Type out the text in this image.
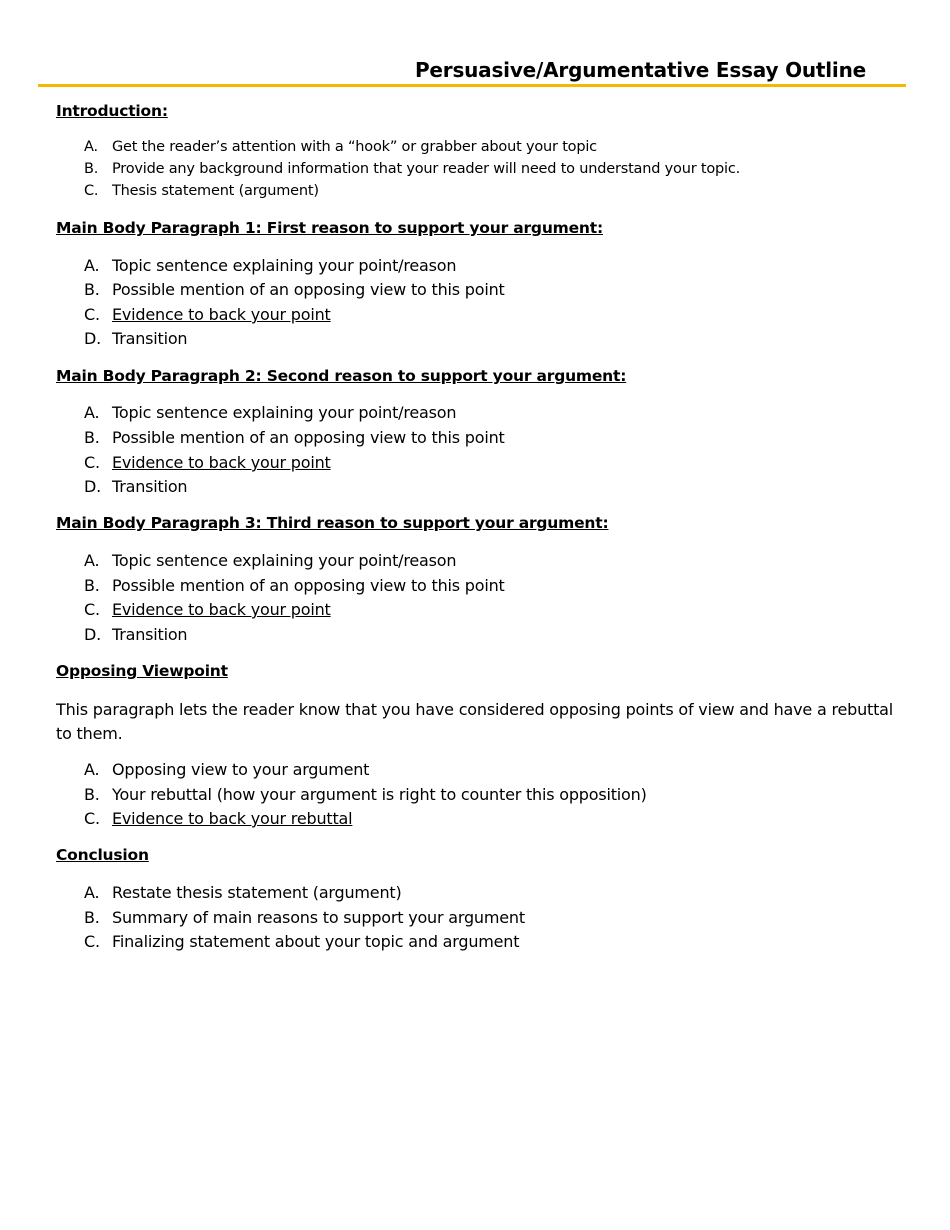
Persuasive/Argumentative Essay Outline
Introduction:
A. Get the reader’s attention with a “hook” or grabber about your topic
B. Provide any background information that your reader will need to understand your topic.
C. Thesis statement (argument)
Main Body Paragraph 1: First reason to support your argument:
A. Topic sentence explaining your point/reason
B. Possible mention of an opposing view to this point
C. Evidence to back your point
D. Transition
Main Body Paragraph 2: Second reason to support your argument:
A. Topic sentence explaining your point/reason
B. Possible mention of an opposing view to this point
C. Evidence to back your point
D. Transition
Main Body Paragraph 3: Third reason to support your argument:
A. Topic sentence explaining your point/reason
B. Possible mention of an opposing view to this point
C. Evidence to back your point
D. Transition
Opposing Viewpoint

This paragraph lets the reader know that you have considered opposing points of view and have a rebuttal to them.

A. Opposing view to your argument
B. Your rebuttal (how your argument is right to counter this opposition)
C. Evidence to back your rebuttal
Conclusion
A. Restate thesis statement (argument)
B. Summary of main reasons to support your argument
C. Finalizing statement about your topic and argument
